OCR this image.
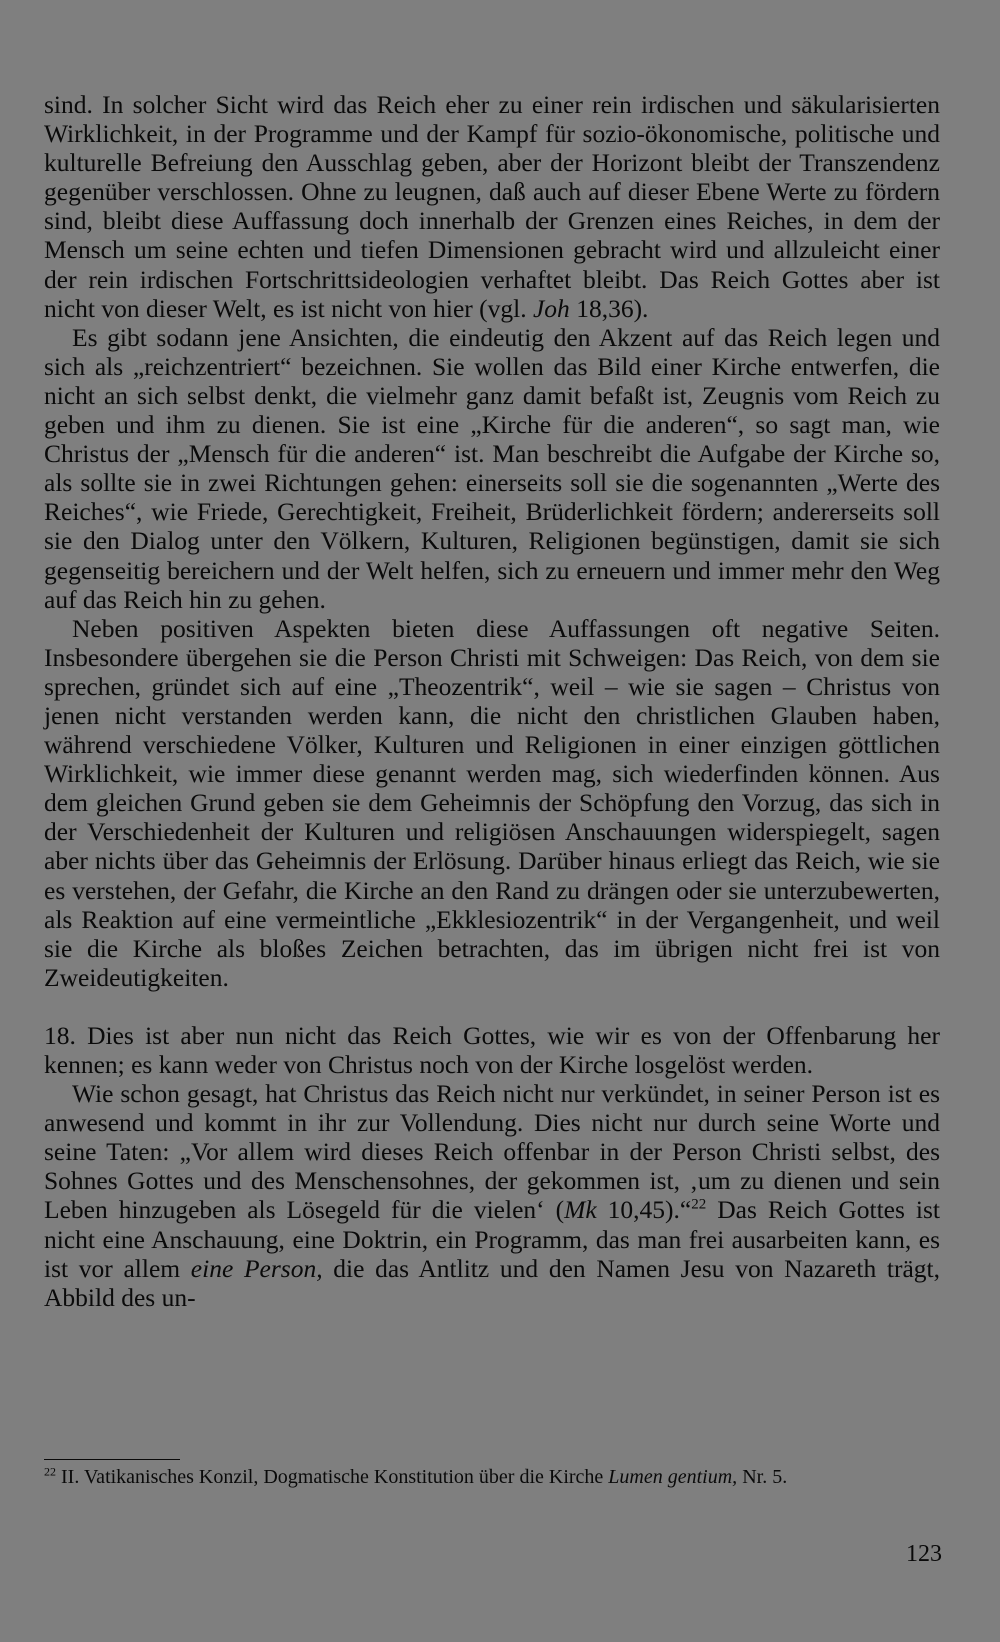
sind. In solcher Sicht wird das Reich eher zu einer rein irdischen und säkularisierten Wirklichkeit, in der Programme und der Kampf für sozio-ökonomische, politische und kulturelle Befreiung den Ausschlag geben, aber der Horizont bleibt der Transzendenz gegenüber verschlossen. Ohne zu leugnen, daß auch auf dieser Ebene Werte zu fördern sind, bleibt diese Auffassung doch innerhalb der Grenzen eines Reiches, in dem der Mensch um seine echten und tiefen Dimensionen gebracht wird und allzuleicht einer der rein irdischen Fortschrittsideologien verhaftet bleibt. Das Reich Gottes aber ist nicht von dieser Welt, es ist nicht von hier (vgl. Joh 18,36).

Es gibt sodann jene Ansichten, die eindeutig den Akzent auf das Reich legen und sich als „reichzentriert“ bezeichnen. Sie wollen das Bild einer Kirche entwerfen, die nicht an sich selbst denkt, die vielmehr ganz damit befaßt ist, Zeugnis vom Reich zu geben und ihm zu dienen. Sie ist eine „Kirche für die anderen“, so sagt man, wie Christus der „Mensch für die anderen“ ist. Man beschreibt die Aufgabe der Kirche so, als sollte sie in zwei Richtungen gehen: einerseits soll sie die sogenannten „Werte des Reiches“, wie Friede, Gerechtigkeit, Freiheit, Brüderlichkeit fördern; andererseits soll sie den Dialog unter den Völkern, Kulturen, Religionen begünstigen, damit sie sich gegenseitig bereichern und der Welt helfen, sich zu erneuern und immer mehr den Weg auf das Reich hin zu gehen.

Neben positiven Aspekten bieten diese Auffassungen oft negative Seiten. Insbesondere übergehen sie die Person Christi mit Schweigen: Das Reich, von dem sie sprechen, gründet sich auf eine „Theozentrik“, weil – wie sie sagen – Christus von jenen nicht verstanden werden kann, die nicht den christlichen Glauben haben, während verschiedene Völker, Kulturen und Religionen in einer einzigen göttlichen Wirklichkeit, wie immer diese genannt werden mag, sich wiederfinden können. Aus dem gleichen Grund geben sie dem Geheimnis der Schöpfung den Vorzug, das sich in der Verschiedenheit der Kulturen und religiösen Anschauungen widerspiegelt, sagen aber nichts über das Geheimnis der Erlösung. Darüber hinaus erliegt das Reich, wie sie es verstehen, der Gefahr, die Kirche an den Rand zu drängen oder sie unterzubewerten, als Reaktion auf eine vermeintliche „Ekklesiozentrik“ in der Vergangenheit, und weil sie die Kirche als bloßes Zeichen betrachten, das im übrigen nicht frei ist von Zweideutigkeiten.

18. Dies ist aber nun nicht das Reich Gottes, wie wir es von der Offenbarung her kennen; es kann weder von Christus noch von der Kirche losgelöst werden.

Wie schon gesagt, hat Christus das Reich nicht nur verkündet, in seiner Person ist es anwesend und kommt in ihr zur Vollendung. Dies nicht nur durch seine Worte und seine Taten: „Vor allem wird dieses Reich offenbar in der Person Christi selbst, des Sohnes Gottes und des Menschensohnes, der gekommen ist, ‚um zu dienen und sein Leben hinzugeben als Lösegeld für die vielen‘ (Mk 10,45).“$^{22}$ Das Reich Gottes ist nicht eine Anschauung, eine Doktrin, ein Programm, das man frei ausarbeiten kann, es ist vor allem eine Person, die das Antlitz und den Namen Jesu von Nazareth trägt, Abbild des un-

$^{22}$ II. Vatikanisches Konzil, Dogmatische Konstitution über die Kirche Lumen gentium, Nr. 5.
123
